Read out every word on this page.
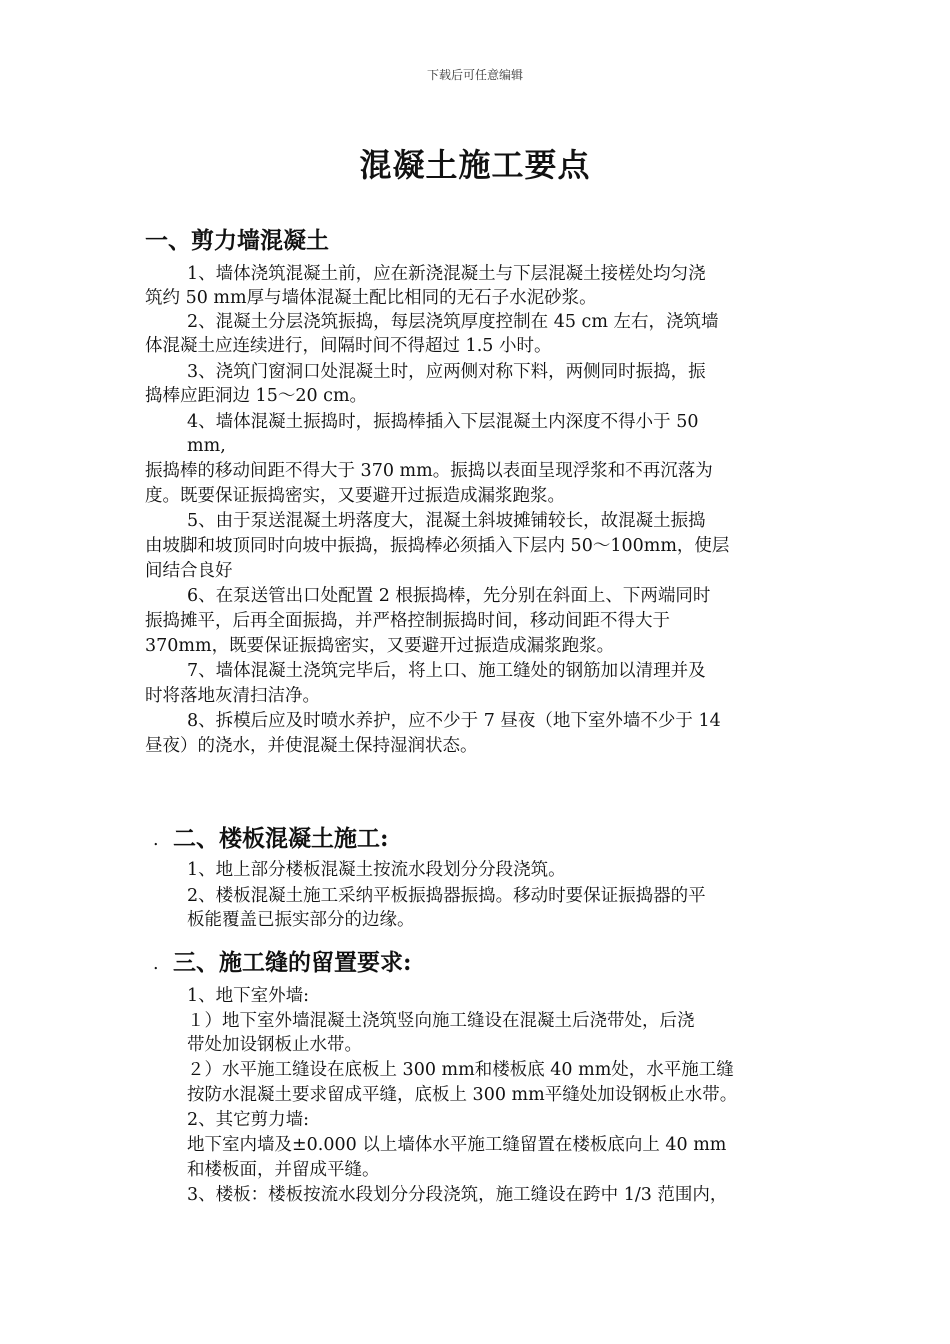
下载后可任意编辑
混凝土施工要点
一、剪力墙混凝土
1、墙体浇筑混凝土前，应在新浇混凝土与下层混凝土接槎处均匀浇
筑约 50 mm厚与墙体混凝土配比相同的无石子水泥砂浆。
2、混凝土分层浇筑振捣，每层浇筑厚度控制在 45 cm 左右，浇筑墙
体混凝土应连续进行，间隔时间不得超过 1.5 小时。
3、浇筑门窗洞口处混凝土时，应两侧对称下料，两侧同时振捣，振
捣棒应距洞边 15～20 cm。
4、墙体混凝土振捣时，振捣棒插入下层混凝土内深度不得小于 50
mm,
振捣棒的移动间距不得大于 370 mm。振捣以表面呈现浮浆和不再沉落为
度。既要保证振捣密实，又要避开过振造成漏浆跑浆。
5、由于泵送混凝土坍落度大，混凝土斜坡摊铺较长，故混凝土振捣
由坡脚和坡顶同时向坡中振捣，振捣棒必须插入下层内 50～100mm，使层
间结合良好
6、在泵送管出口处配置 2 根振捣棒，先分别在斜面上、下两端同时
振捣摊平，后再全面振捣，并严格控制振捣时间，移动间距不得大于
370mm，既要保证振捣密实，又要避开过振造成漏浆跑浆。
7、墙体混凝土浇筑完毕后，将上口、施工缝处的钢筋加以清理并及
时将落地灰清扫洁净。
8、拆模后应及时喷水养护，应不少于 7 昼夜（地下室外墙不少于 14
昼夜）的浇水，并使混凝土保持湿润状态。
. 二、楼板混凝土施工:
1、地上部分楼板混凝土按流水段划分分段浇筑。
2、楼板混凝土施工采纳平板振捣器振捣。移动时要保证振捣器的平
板能覆盖已振实部分的边缘。
. 三、施工缝的留置要求:
1、地下室外墙:
１）地下室外墙混凝土浇筑竖向施工缝设在混凝土后浇带处，后浇
带处加设钢板止水带。
２）水平施工缝设在底板上 300 mm和楼板底 40 mm处，水平施工缝
按防水混凝土要求留成平缝，底板上 300 mm平缝处加设钢板止水带。
2、其它剪力墙:
地下室内墙及±0.000 以上墙体水平施工缝留置在楼板底向上 40 mm
和楼板面，并留成平缝。
3、楼板：楼板按流水段划分分段浇筑，施工缝设在跨中 1/3 范围内，
